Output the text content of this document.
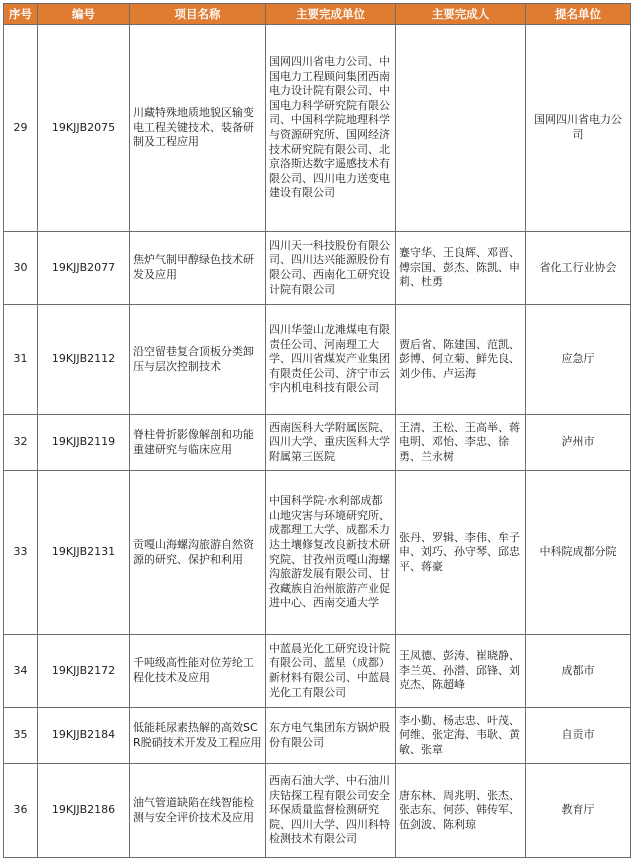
序号	编号	项目名称	主要完成单位	主要完成人	提名单位
29	19KJJB2075	川藏特殊地质地貌区输变电工程关键技术、装备研制及工程应用	国网四川省电力公司、中国电力工程顾问集团西南电力设计院有限公司、中国电力科学研究院有限公司、中国科学院地理科学与资源研究所、国网经济技术研究院有限公司、北京洛斯达数字遥感技术有限公司、四川电力送变电建设有限公司		国网四川省电力公司
30	19KJJB2077	焦炉气制甲醇绿色技术研发及应用	四川天一科技股份有限公司、四川达兴能源股份有限公司、西南化工研究设计院有限公司	蹇守华、王良辉、邓晋、傅宗国、彭杰、陈凯、申莉、杜勇	省化工行业协会
31	19KJJB2112	沿空留巷复合顶板分类卸压与层次控制技术	四川华蓥山龙滩煤电有限责任公司、河南理工大学、四川省煤炭产业集团有限责任公司、济宁市云宇内机电科技有限公司	贾后省、陈建国、范凯、彭博、何立菊、鲜先良、刘少伟、卢运海	应急厅
32	19KJJB2119	脊柱骨折影像解剖和功能重建研究与临床应用	西南医科大学附属医院、四川大学、重庆医科大学附属第三医院	王清、王松、王高举、蒋电明、邓怡、李忠、徐勇、兰永树	泸州市
33	19KJJB2131	贡嘎山海螺沟旅游自然资源的研究、保护和利用	中国科学院·水利部成都山地灾害与环境研究所、成都理工大学、成都禾力达土壤修复改良新技术研究院、甘孜州贡嘎山海螺沟旅游发展有限公司、甘孜藏族自治州旅游产业促进中心、西南交通大学	张丹、罗辑、李伟、牟子申、刘巧、孙守琴、邱忠平、蒋豪	中科院成都分院
34	19KJJB2172	千吨级高性能对位芳纶工程化技术及应用	中蓝晨光化工研究设计院有限公司、蓝星（成都）新材料有限公司、中蓝晨光化工有限公司	王凤德、彭涛、崔晓静、李兰英、孙潜、邱锋、刘克杰、陈超峰	成都市
35	19KJJB2184	低能耗尿素热解的高效SCR脱硝技术开发及工程应用	东方电气集团东方锅炉股份有限公司	李小勤、杨志忠、叶茂、何维、张定海、韦耿、黄敏、张章	自贡市
36	19KJJB2186	油气管道缺陷在线智能检测与安全评价技术及应用	西南石油大学、中石油川庆钻探工程有限公司安全环保质量监督检测研究院、四川大学、四川科特检测技术有限公司	唐东林、周兆明、张杰、张志东、何莎、韩传军、伍剑波、陈利琼	教育厅
